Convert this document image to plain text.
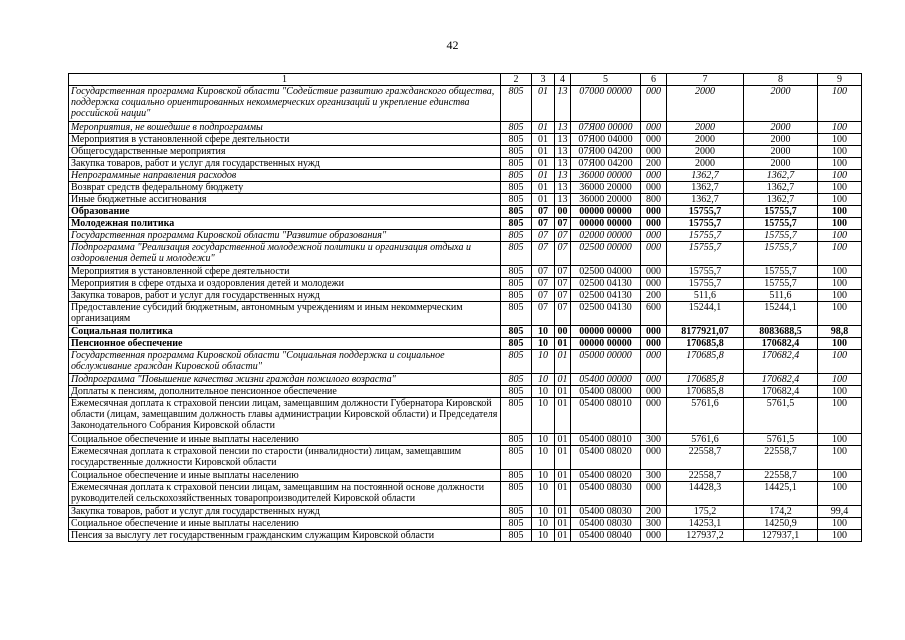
42
1	2	3	4	5	6	7	8	9
Государственная программа Кировской области "Содействие развитию гражданского общества, поддержка социально ориентированных некоммерческих организаций и укрепление единства российской нации"	805	01	13	07000 00000	000	2000	2000	100
Мероприятия, не вошедшие в подпрограммы	805	01	13	07Я00 00000	000	2000	2000	100
Мероприятия в установленной сфере деятельности	805	01	13	07Я00 04000	000	2000	2000	100
Общегосударственные мероприятия	805	01	13	07Я00 04200	000	2000	2000	100
Закупка товаров, работ и услуг для государственных нужд	805	01	13	07Я00 04200	200	2000	2000	100
Непрограммные направления расходов	805	01	13	36000 00000	000	1362,7	1362,7	100
Возврат средств федеральному бюджету	805	01	13	36000 20000	000	1362,7	1362,7	100
Иные бюджетные ассигнования	805	01	13	36000 20000	800	1362,7	1362,7	100
Образование	805	07	00	00000 00000	000	15755,7	15755,7	100
Молодежная политика	805	07	07	00000 00000	000	15755,7	15755,7	100
Государственная программа Кировской области "Развитие образования"	805	07	07	02000 00000	000	15755,7	15755,7	100
Подпрограмма "Реализация государственной молодежной политики и организация отдыха и оздоровления детей и молодежи"	805	07	07	02500 00000	000	15755,7	15755,7	100
Мероприятия в установленной сфере деятельности	805	07	07	02500 04000	000	15755,7	15755,7	100
Мероприятия в сфере отдыха и оздоровления детей и молодежи	805	07	07	02500 04130	000	15755,7	15755,7	100
Закупка товаров, работ и услуг для государственных нужд	805	07	07	02500 04130	200	511,6	511,6	100
Предоставление субсидий бюджетным, автономным учреждениям и иным некоммерческим организациям	805	07	07	02500 04130	600	15244,1	15244,1	100
Социальная политика	805	10	00	00000 00000	000	8177921,07	8083688,5	98,8
Пенсионное обеспечение	805	10	01	00000 00000	000	170685,8	170682,4	100
Государственная программа Кировской области "Социальная поддержка и социальное обслуживание граждан Кировской области"	805	10	01	05000 00000	000	170685,8	170682,4	100
Подпрограмма "Повышение качества жизни граждан пожилого возраста"	805	10	01	05400 00000	000	170685,8	170682,4	100
Доплаты к пенсиям, дополнительное пенсионное обеспечение	805	10	01	05400 08000	000	170685,8	170682,4	100
Ежемесячная доплата к страховой пенсии лицам, замещавшим должности Губернатора Кировской области (лицам, замещавшим должность главы администрации Кировской области) и Председателя Законодательного Собрания Кировской области	805	10	01	05400 08010	000	5761,6	5761,5	100
Социальное обеспечение и иные выплаты населению	805	10	01	05400 08010	300	5761,6	5761,5	100
Ежемесячная доплата к страховой пенсии по старости (инвалидности) лицам, замещавшим государственные должности Кировской области	805	10	01	05400 08020	000	22558,7	22558,7	100
Социальное обеспечение и иные выплаты населению	805	10	01	05400 08020	300	22558,7	22558,7	100
Ежемесячная доплата к страховой пенсии лицам, замещавшим на постоянной основе должности руководителей сельскохозяйственных товаропроизводителей Кировской области	805	10	01	05400 08030	000	14428,3	14425,1	100
Закупка товаров, работ и услуг для государственных нужд	805	10	01	05400 08030	200	175,2	174,2	99,4
Социальное обеспечение и иные выплаты населению	805	10	01	05400 08030	300	14253,1	14250,9	100
Пенсия за выслугу лет государственным гражданским служащим Кировской области	805	10	01	05400 08040	000	127937,2	127937,1	100
